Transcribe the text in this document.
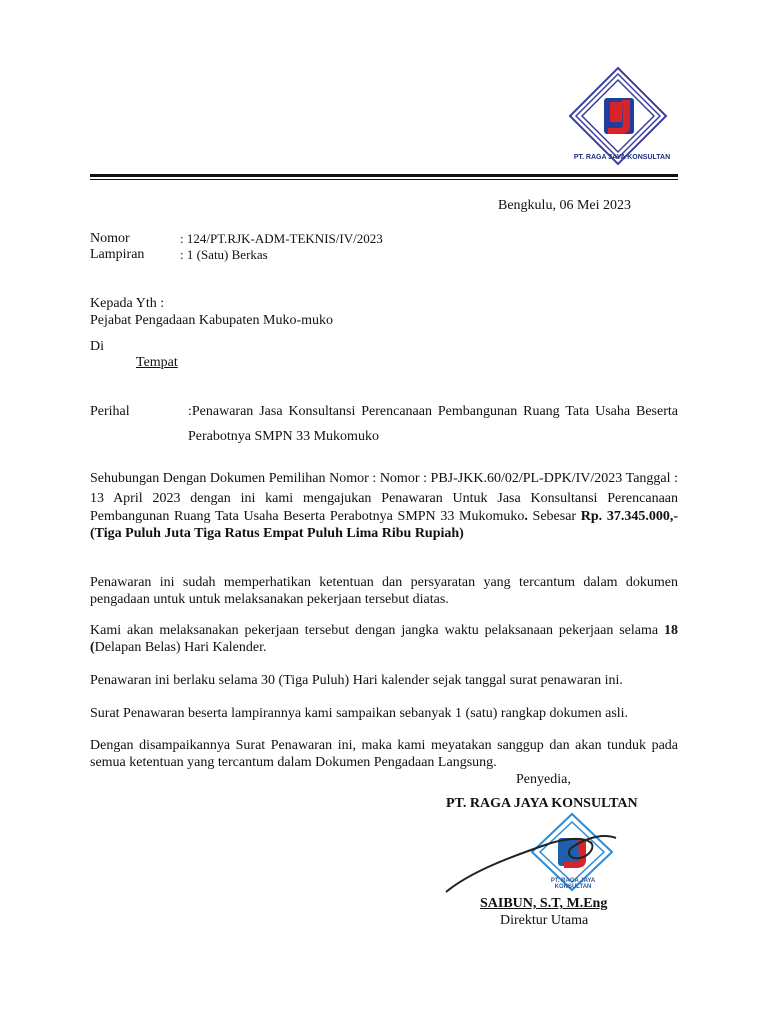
PT. RAGA JAYA KONSULTAN
Bengkulu, 06 Mei 2023
Nomor	: 124/PT.RJK-ADM-TEKNIS/IV/2023
Lampiran	: 1 (Satu) Berkas
Kepada Yth :
Pejabat Pengadaan Kabupaten Muko-muko
Di
Tempat
Perihal	:Penawaran Jasa Konsultansi Perencanaan Pembangunan Ruang Tata Usaha Beserta
Perabotnya SMPN 33 Mukomuko
Sehubungan Dengan Dokumen Pemilihan Nomor : Nomor : PBJ-JKK.60/02/PL-DPK/IV/2023 Tanggal :
13 April 2023 dengan ini kami mengajukan Penawaran Untuk Jasa Konsultansi Perencanaan
Pembangunan Ruang Tata Usaha Beserta Perabotnya SMPN 33 Mukomuko. Sebesar Rp. 37.345.000,-
(Tiga Puluh Juta Tiga Ratus Empat Puluh Lima Ribu Rupiah)
Penawaran ini sudah memperhatikan ketentuan dan persyaratan yang tercantum dalam dokumen
pengadaan untuk untuk melaksanakan pekerjaan tersebut diatas.
Kami akan melaksanakan pekerjaan tersebut dengan jangka waktu pelaksanaan pekerjaan selama 18
(Delapan Belas) Hari Kalender.
Penawaran ini berlaku selama 30 (Tiga Puluh) Hari kalender sejak tanggal surat penawaran ini.
Surat Penawaran beserta lampirannya kami sampaikan sebanyak 1 (satu) rangkap dokumen asli.
Dengan disampaikannya Surat Penawaran ini, maka kami meyatakan sanggup dan akan tunduk pada
semua ketentuan yang tercantum dalam Dokumen Pengadaan Langsung.
Penyedia,
PT. RAGA JAYA KONSULTAN
PT. RAGA JAYA KONSULTAN
SAIBUN, S.T, M.Eng
Direktur Utama
